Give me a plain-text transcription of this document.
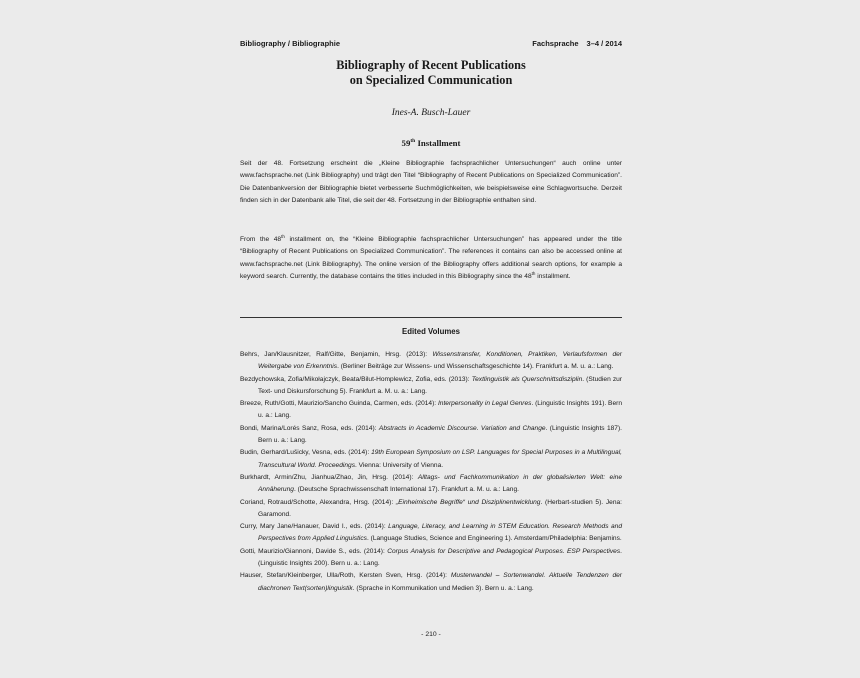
Bibliography / Bibliographie	Fachsprache 3–4 / 2014
Bibliography of Recent Publications
on Specialized Communication
Ines-A. Busch-Lauer
59th Installment

Seit der 48. Fortsetzung erscheint die „Kleine Bibliographie fachsprachlicher Untersuchungen“ auch online unter www.fachsprache.net (Link Bibliography) und trägt den Titel “Bibliography of Recent Publications on Specialized Communication”. Die Datenbankversion der Bibliographie bietet verbesserte Suchmöglichkeiten, wie beispielsweise eine Schlagwortsuche. Derzeit finden sich in der Datenbank alle Titel, die seit der 48. Fortsetzung in der Bibliographie enthalten sind.

From the 48th installment on, the “Kleine Bibliographie fachsprachlicher Untersuchungen” has appeared under the title “Bibliography of Recent Publications on Specialized Communication”. The references it contains can also be accessed online at www.fachsprache.net (Link Bibliography). The online version of the Bibliography offers additional search options, for example a keyword search. Currently, the database contains the titles included in this Bibliography since the 48th installment.

Edited Volumes

Behrs, Jan/Klausnitzer, Ralf/Gitte, Benjamin, Hrsg. (2013): Wissenstransfer, Konditionen, Praktiken, Verlaufsformen der Weitergabe von Erkenntnis. (Berliner Beiträge zur Wissens- und Wissenschaftsgeschichte 14). Frankfurt a. M. u. a.: Lang.

Bezdychowska, Zofia/Mikołajczyk, Beata/Bilut-Homplewicz, Zofia, eds. (2013): Textlinguistik als Querschnittsdisziplin. (Studien zur Text- und Diskursforschung 5). Frankfurt a. M. u. a.: Lang.

Breeze, Ruth/Gotti, Maurizio/Sancho Guinda, Carmen, eds. (2014): Interpersonality in Legal Genres. (Linguistic Insights 191). Bern u. a.: Lang.

Bondi, Marina/Lorés Sanz, Rosa, eds. (2014): Abstracts in Academic Discourse. Variation and Change. (Linguistic Insights 187). Bern u. a.: Lang.

Budin, Gerhard/Lušicky, Vesna, eds. (2014): 19th European Symposium on LSP. Languages for Special Purposes in a Multilingual, Transcultural World. Proceedings. Vienna: University of Vienna.

Burkhardt, Armin/Zhu, Jianhua/Zhao, Jin, Hrsg. (2014): Alltags- und Fachkommunikation in der globalisierten Welt: eine Annäherung. (Deutsche Sprachwissenschaft International 17). Frankfurt a. M. u. a.: Lang.

Coriand, Rotraud/Schotte, Alexandra, Hrsg. (2014): „Einheimische Begriffe“ und Disziplinentwicklung. (Herbart-studien 5). Jena: Garamond.

Curry, Mary Jane/Hanauer, David I., eds. (2014): Language, Literacy, and Learning in STEM Education. Research Methods and Perspectives from Applied Linguistics. (Language Studies, Science and Engineering 1). Amsterdam/Philadelphia: Benjamins.

Gotti, Maurizio/Giannoni, Davide S., eds. (2014): Corpus Analysis for Descriptive and Pedagogical Purposes. ESP Perspectives. (Linguistic Insights 200). Bern u. a.: Lang.

Hauser, Stefan/Kleinberger, Ulla/Roth, Kersten Sven, Hrsg. (2014): Musterwandel – Sortenwandel. Aktuelle Tendenzen der diachronen Text(sorten)linguistik. (Sprache in Kommunikation und Medien 3). Bern u. a.: Lang.

- 210 -
